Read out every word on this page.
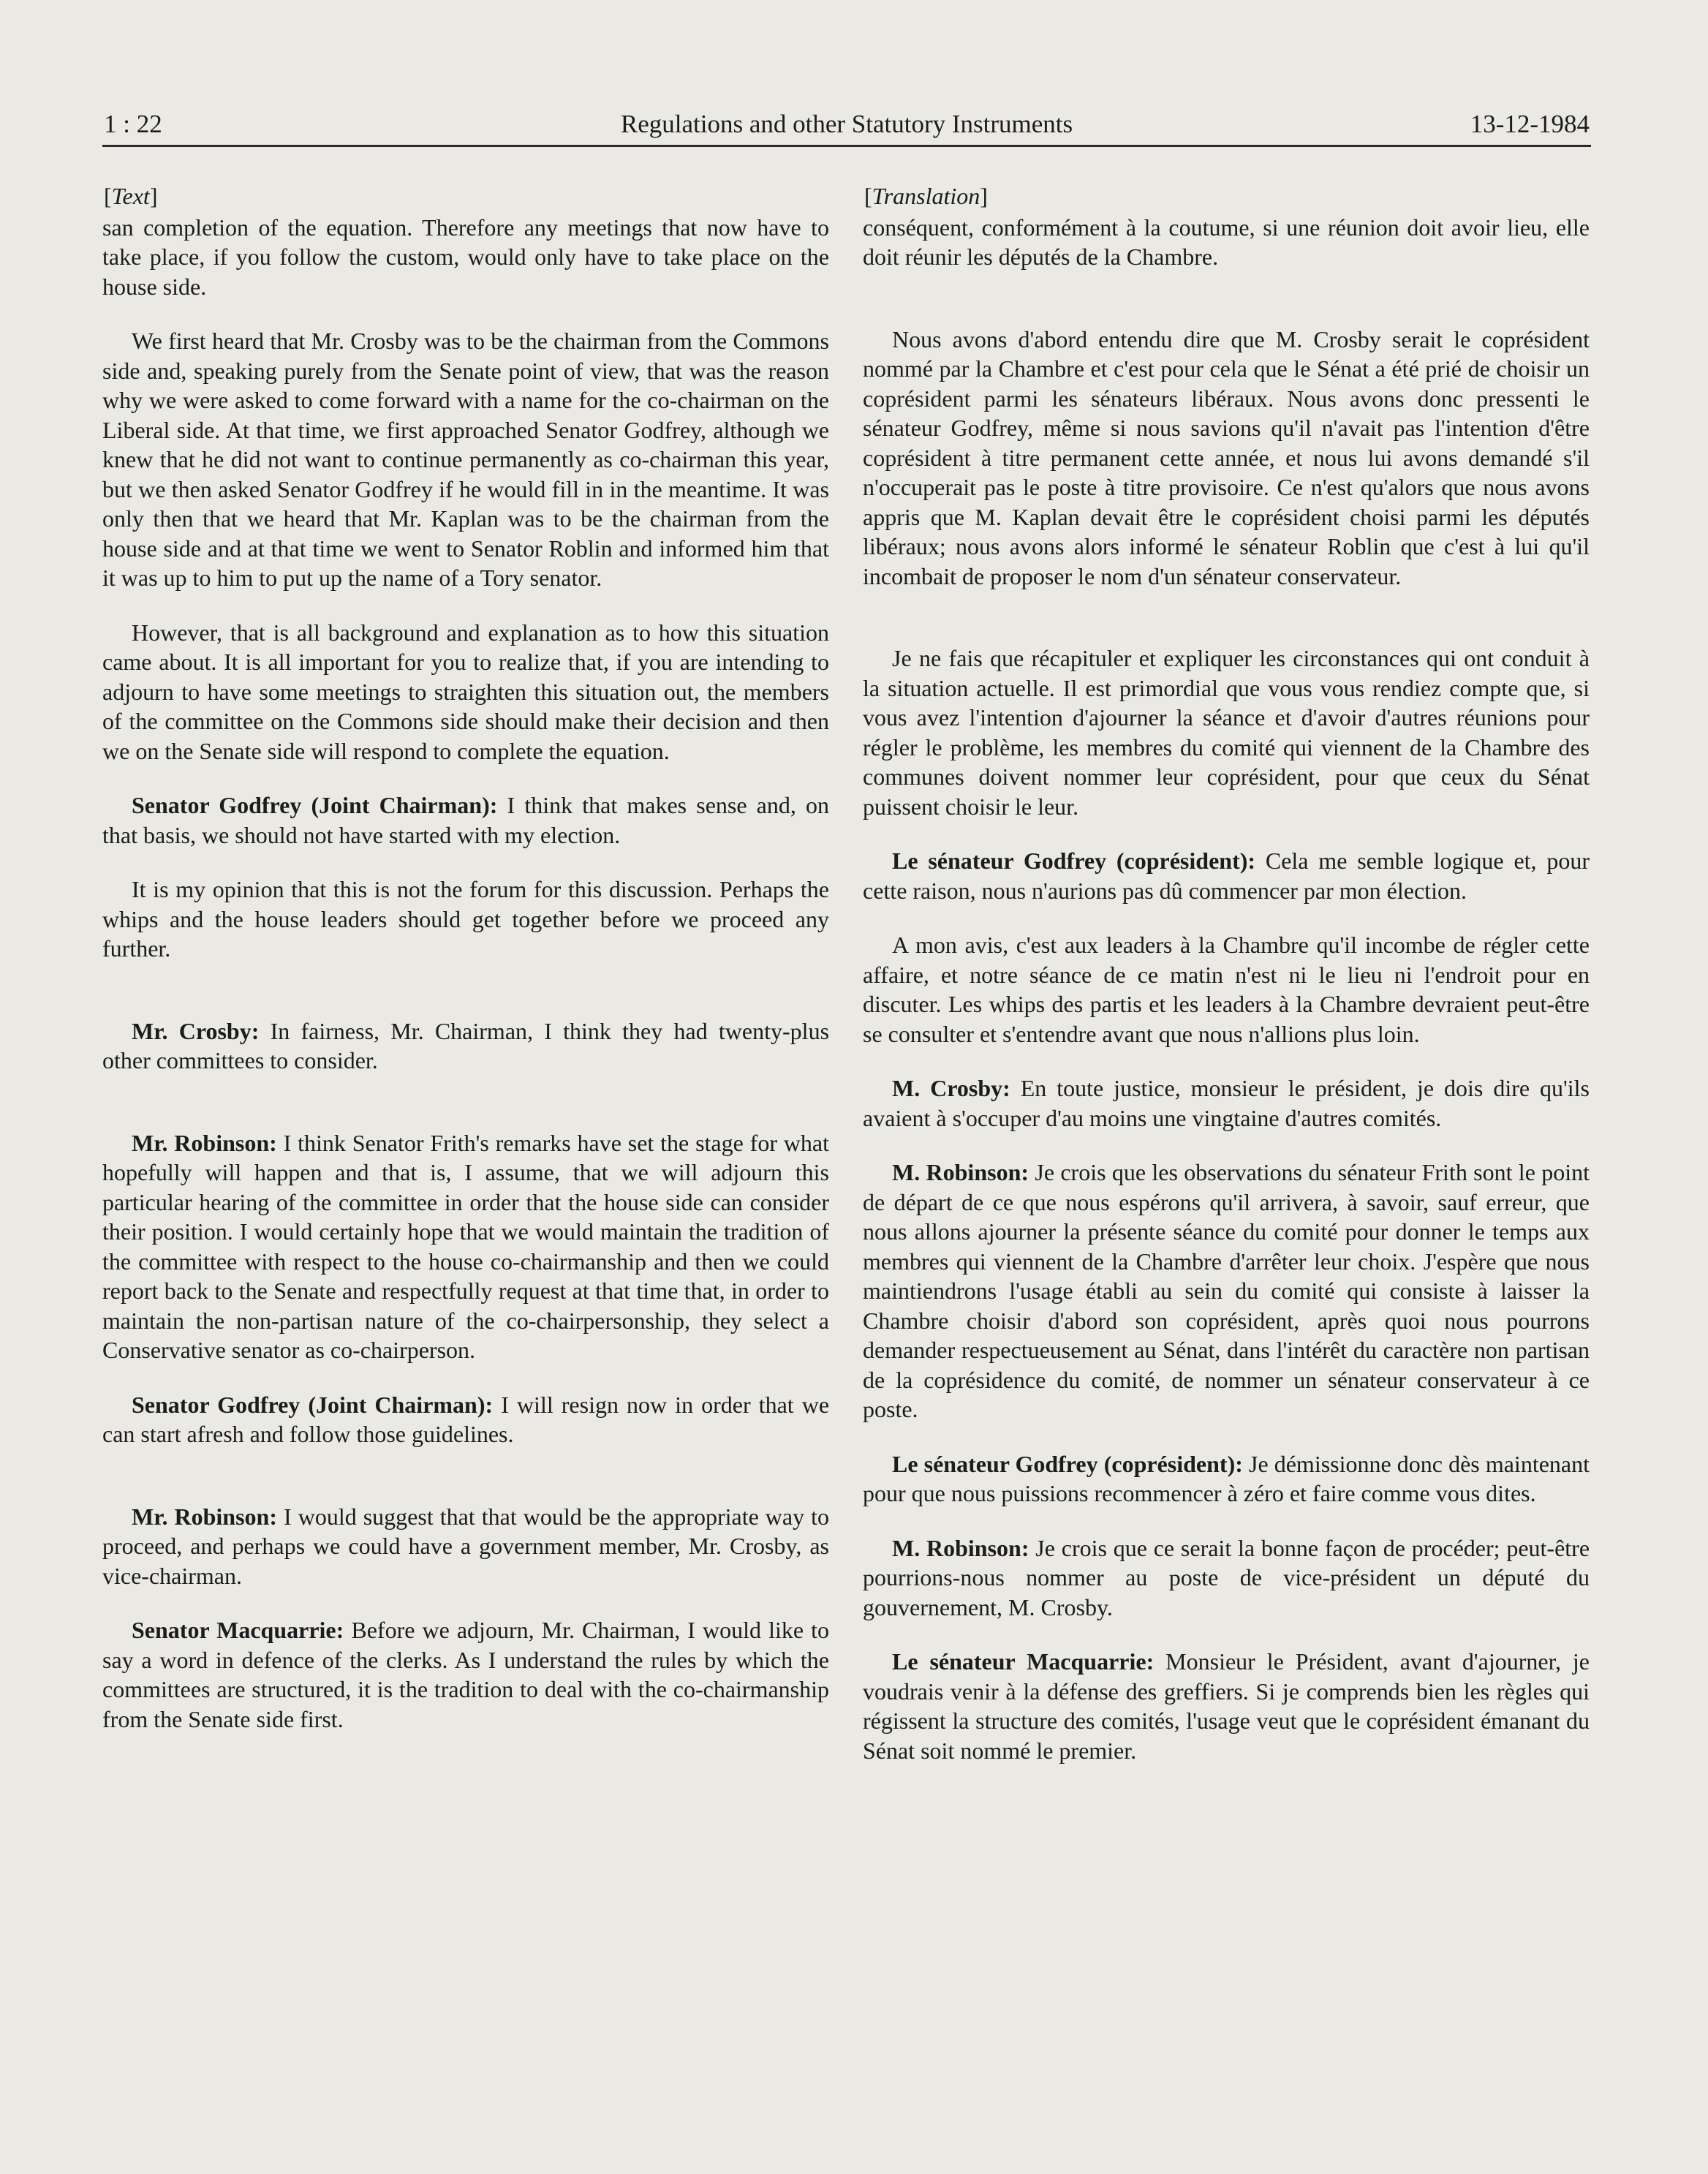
1 : 22	Regulations and other Statutory Instruments	13-12-1984
[Text]

san completion of the equation. Therefore any meetings that now have to take place, if you follow the custom, would only have to take place on the house side.

We first heard that Mr. Crosby was to be the chairman from the Commons side and, speaking purely from the Senate point of view, that was the reason why we were asked to come forward with a name for the co-chairman on the Liberal side. At that time, we first approached Senator Godfrey, although we knew that he did not want to continue permanently as co-chairman this year, but we then asked Senator Godfrey if he would fill in in the meantime. It was only then that we heard that Mr. Kaplan was to be the chairman from the house side and at that time we went to Senator Roblin and informed him that it was up to him to put up the name of a Tory senator.

However, that is all background and explanation as to how this situation came about. It is all important for you to realize that, if you are intending to adjourn to have some meetings to straighten this situation out, the members of the committee on the Commons side should make their decision and then we on the Senate side will respond to complete the equation.

Senator Godfrey (Joint Chairman): I think that makes sense and, on that basis, we should not have started with my election.

It is my opinion that this is not the forum for this discussion. Perhaps the whips and the house leaders should get together before we proceed any further.

Mr. Crosby: In fairness, Mr. Chairman, I think they had twenty-plus other committees to consider.

Mr. Robinson: I think Senator Frith's remarks have set the stage for what hopefully will happen and that is, I assume, that we will adjourn this particular hearing of the committee in order that the house side can consider their position. I would certainly hope that we would maintain the tradition of the committee with respect to the house co-chairmanship and then we could report back to the Senate and respectfully request at that time that, in order to maintain the non-partisan nature of the co-chairpersonship, they select a Conservative senator as co-chairperson.

Senator Godfrey (Joint Chairman): I will resign now in order that we can start afresh and follow those guidelines.

Mr. Robinson: I would suggest that that would be the appropriate way to proceed, and perhaps we could have a government member, Mr. Crosby, as vice-chairman.

Senator Macquarrie: Before we adjourn, Mr. Chairman, I would like to say a word in defence of the clerks. As I understand the rules by which the committees are structured, it is the tradition to deal with the co-chairmanship from the Senate side first.

[Translation]

conséquent, conformément à la coutume, si une réunion doit avoir lieu, elle doit réunir les députés de la Chambre.

Nous avons d'abord entendu dire que M. Crosby serait le coprésident nommé par la Chambre et c'est pour cela que le Sénat a été prié de choisir un coprésident parmi les sénateurs libéraux. Nous avons donc pressenti le sénateur Godfrey, même si nous savions qu'il n'avait pas l'intention d'être coprésident à titre permanent cette année, et nous lui avons demandé s'il n'occuperait pas le poste à titre provisoire. Ce n'est qu'alors que nous avons appris que M. Kaplan devait être le coprésident choisi parmi les députés libéraux; nous avons alors informé le sénateur Roblin que c'est à lui qu'il incombait de proposer le nom d'un sénateur conservateur.

Je ne fais que récapituler et expliquer les circonstances qui ont conduit à la situation actuelle. Il est primordial que vous vous rendiez compte que, si vous avez l'intention d'ajourner la séance et d'avoir d'autres réunions pour régler le problème, les membres du comité qui viennent de la Chambre des communes doivent nommer leur coprésident, pour que ceux du Sénat puissent choisir le leur.

Le sénateur Godfrey (coprésident): Cela me semble logique et, pour cette raison, nous n'aurions pas dû commencer par mon élection.

A mon avis, c'est aux leaders à la Chambre qu'il incombe de régler cette affaire, et notre séance de ce matin n'est ni le lieu ni l'endroit pour en discuter. Les whips des partis et les leaders à la Chambre devraient peut-être se consulter et s'entendre avant que nous n'allions plus loin.

M. Crosby: En toute justice, monsieur le président, je dois dire qu'ils avaient à s'occuper d'au moins une vingtaine d'autres comités.

M. Robinson: Je crois que les observations du sénateur Frith sont le point de départ de ce que nous espérons qu'il arrivera, à savoir, sauf erreur, que nous allons ajourner la présente séance du comité pour donner le temps aux membres qui viennent de la Chambre d'arrêter leur choix. J'espère que nous maintiendrons l'usage établi au sein du comité qui consiste à laisser la Chambre choisir d'abord son coprésident, après quoi nous pourrons demander respectueusement au Sénat, dans l'intérêt du caractère non partisan de la coprésidence du comité, de nommer un sénateur conservateur à ce poste.

Le sénateur Godfrey (coprésident): Je démissionne donc dès maintenant pour que nous puissions recommencer à zéro et faire comme vous dites.

M. Robinson: Je crois que ce serait la bonne façon de procéder; peut-être pourrions-nous nommer au poste de vice-président un député du gouvernement, M. Crosby.

Le sénateur Macquarrie: Monsieur le Président, avant d'ajourner, je voudrais venir à la défense des greffiers. Si je comprends bien les règles qui régissent la structure des comités, l'usage veut que le coprésident émanant du Sénat soit nommé le premier.
